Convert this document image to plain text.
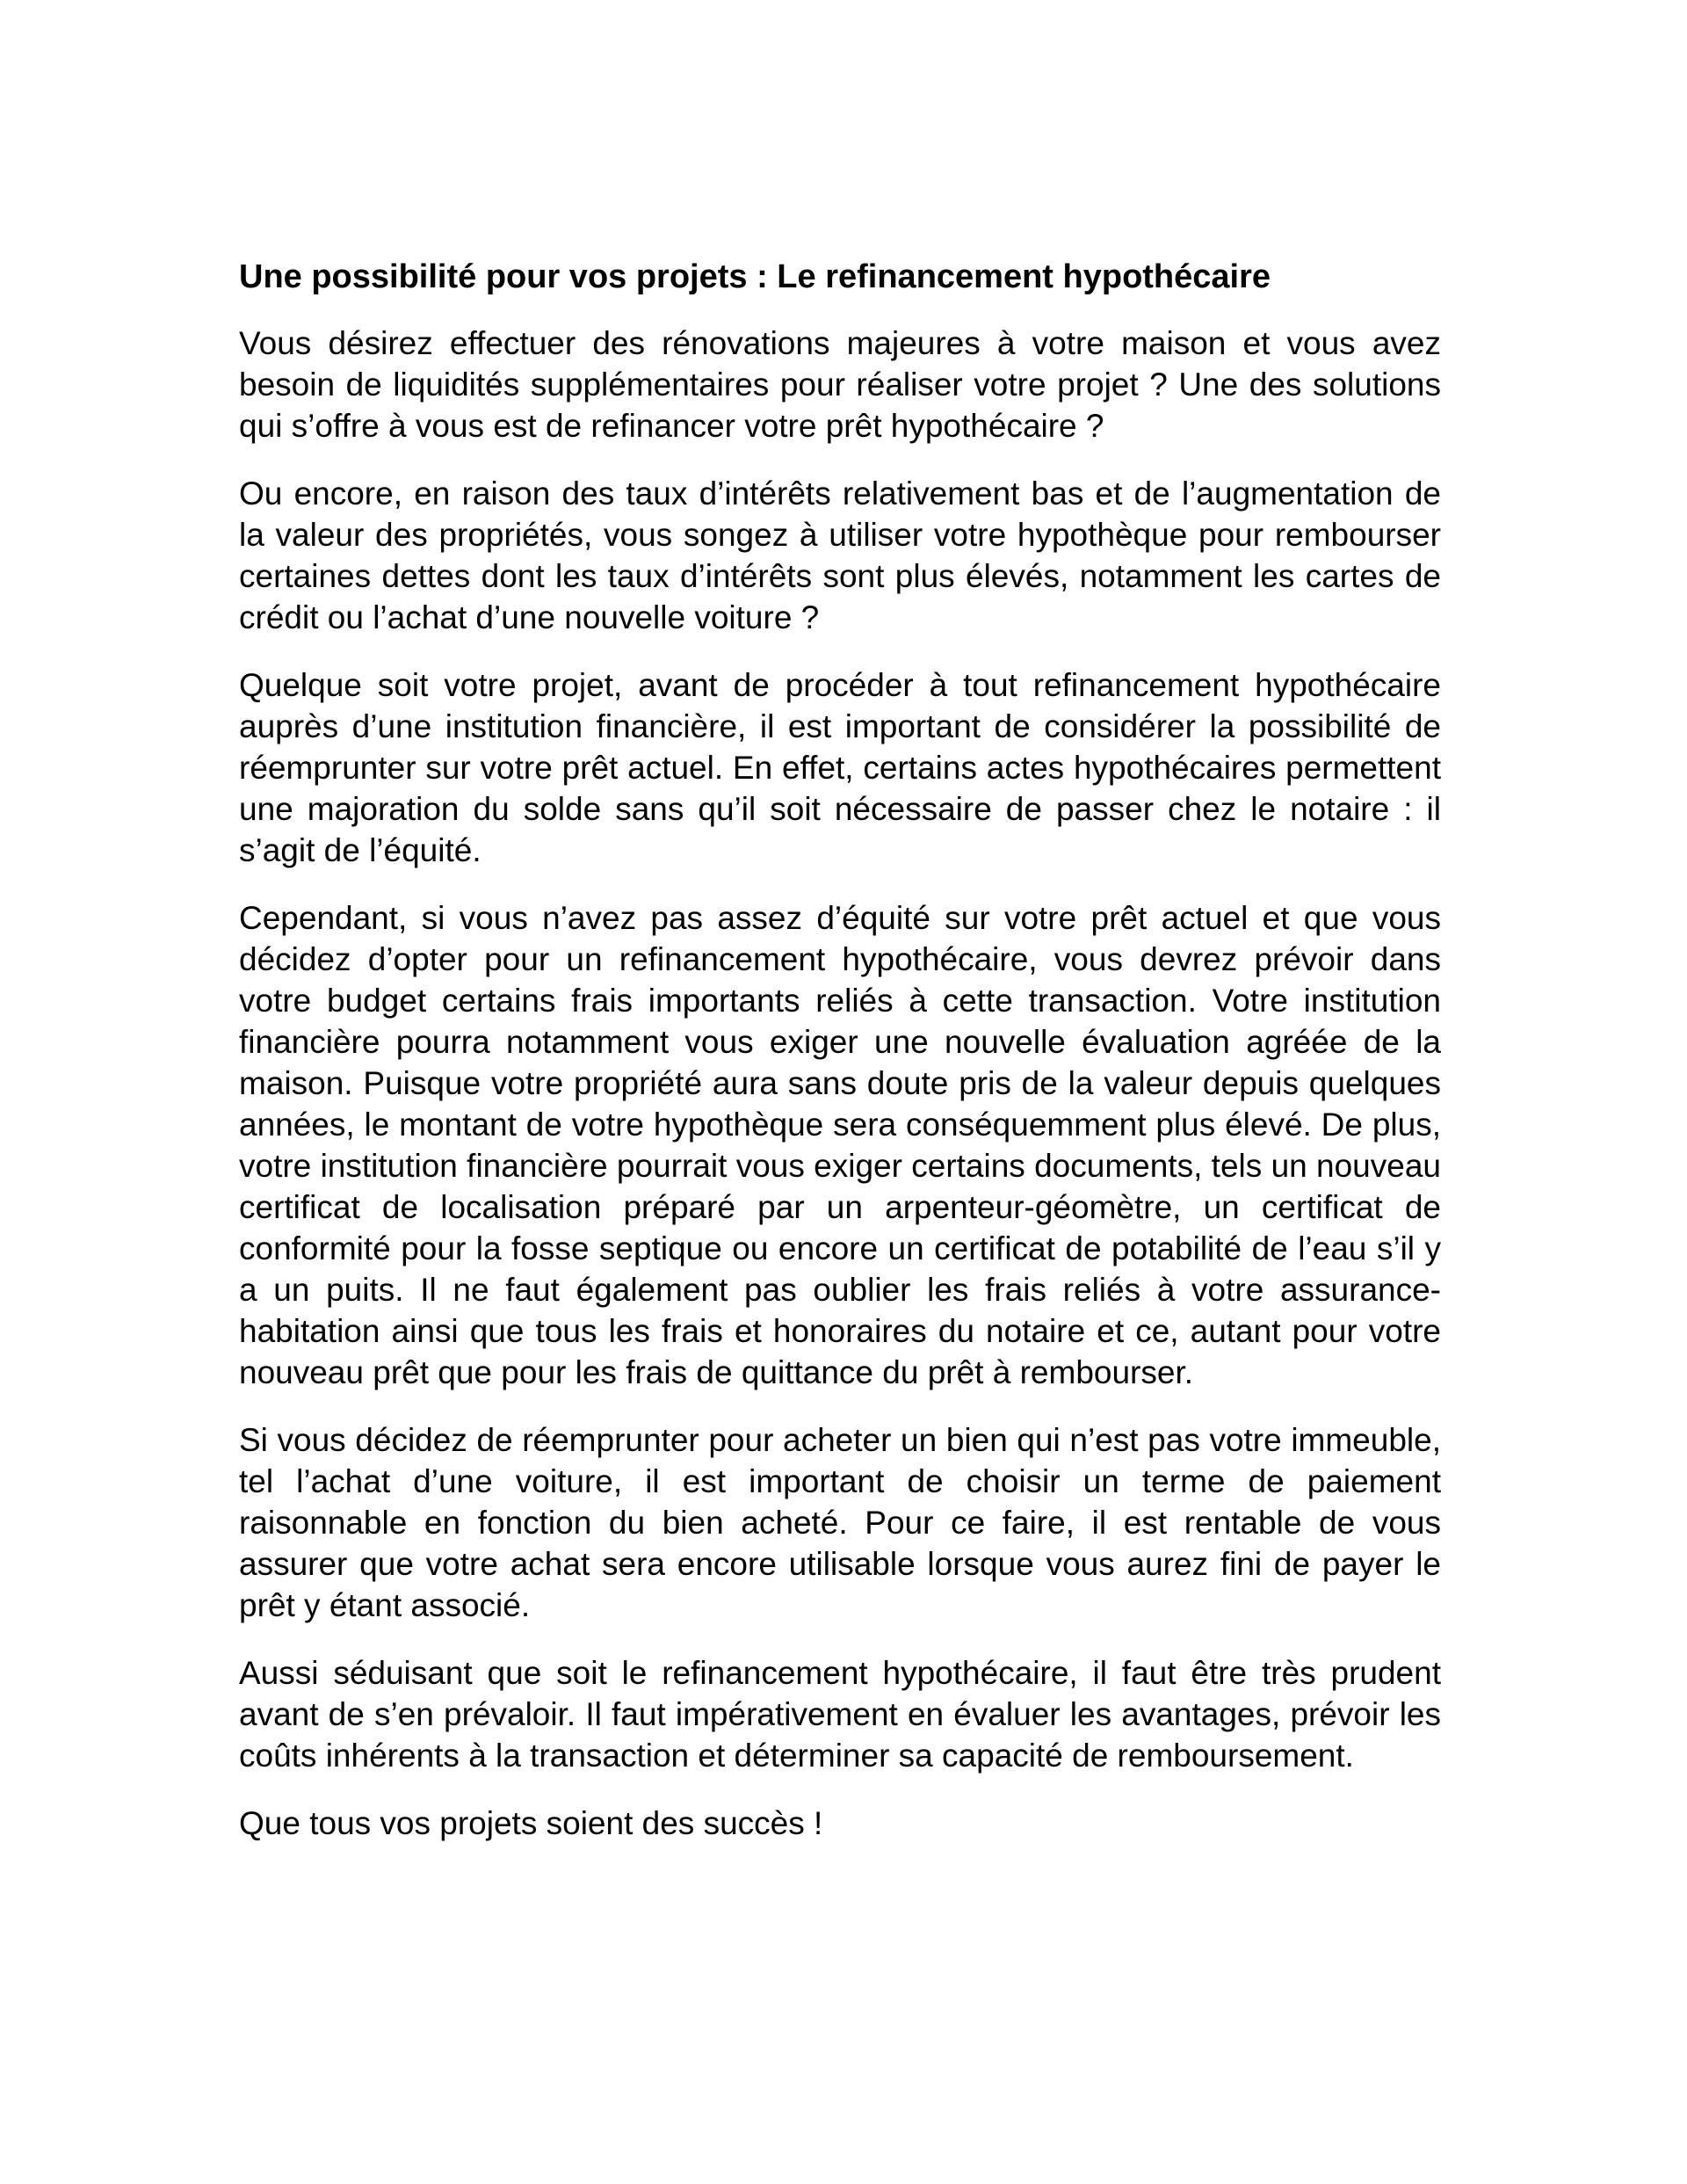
Une possibilité pour vos projets : Le refinancement hypothécaire

Vous désirez effectuer des rénovations majeures à votre maison et vous avez besoin de liquidités supplémentaires pour réaliser votre projet ? Une des solutions qui s’offre à vous est de refinancer votre prêt hypothécaire ?

Ou encore, en raison des taux d’intérêts relativement bas et de l’augmentation de la valeur des propriétés, vous songez à utiliser votre hypothèque pour rembourser certaines dettes dont les taux d’intérêts sont plus élevés, notamment les cartes de crédit ou l’achat d’une nouvelle voiture ?

Quelque soit votre projet, avant de procéder à tout refinancement hypothécaire auprès d’une institution financière, il est important de considérer la possibilité de réemprunter sur votre prêt actuel. En effet, certains actes hypothécaires permettent une majoration du solde sans qu’il soit nécessaire de passer chez le notaire : il s’agit de l’équité.

Cependant, si vous n’avez pas assez d’équité sur votre prêt actuel et que vous décidez d’opter pour un refinancement hypothécaire, vous devrez prévoir dans votre budget certains frais importants reliés à cette transaction. Votre institution financière pourra notamment vous exiger une nouvelle évaluation agréée de la maison. Puisque votre propriété aura sans doute pris de la valeur depuis quelques années, le montant de votre hypothèque sera conséquemment plus élevé. De plus, votre institution financière pourrait vous exiger certains documents, tels un nouveau certificat de localisation préparé par un arpenteur-géomètre, un certificat de conformité pour la fosse septique ou encore un certificat de potabilité de l’eau s’il y a un puits. Il ne faut également pas oublier les frais reliés à votre assurance-habitation ainsi que tous les frais et honoraires du notaire et ce, autant pour votre nouveau prêt que pour les frais de quittance du prêt à rembourser.

Si vous décidez de réemprunter pour acheter un bien qui n’est pas votre immeuble, tel l’achat d’une voiture, il est important de choisir un terme de paiement raisonnable en fonction du bien acheté. Pour ce faire, il est rentable de vous assurer que votre achat sera encore utilisable lorsque vous aurez fini de payer le prêt y étant associé.

Aussi séduisant que soit le refinancement hypothécaire, il faut être très prudent avant de s’en prévaloir. Il faut impérativement en évaluer les avantages, prévoir les coûts inhérents à la transaction et déterminer sa capacité de remboursement.

Que tous vos projets soient des succès !
